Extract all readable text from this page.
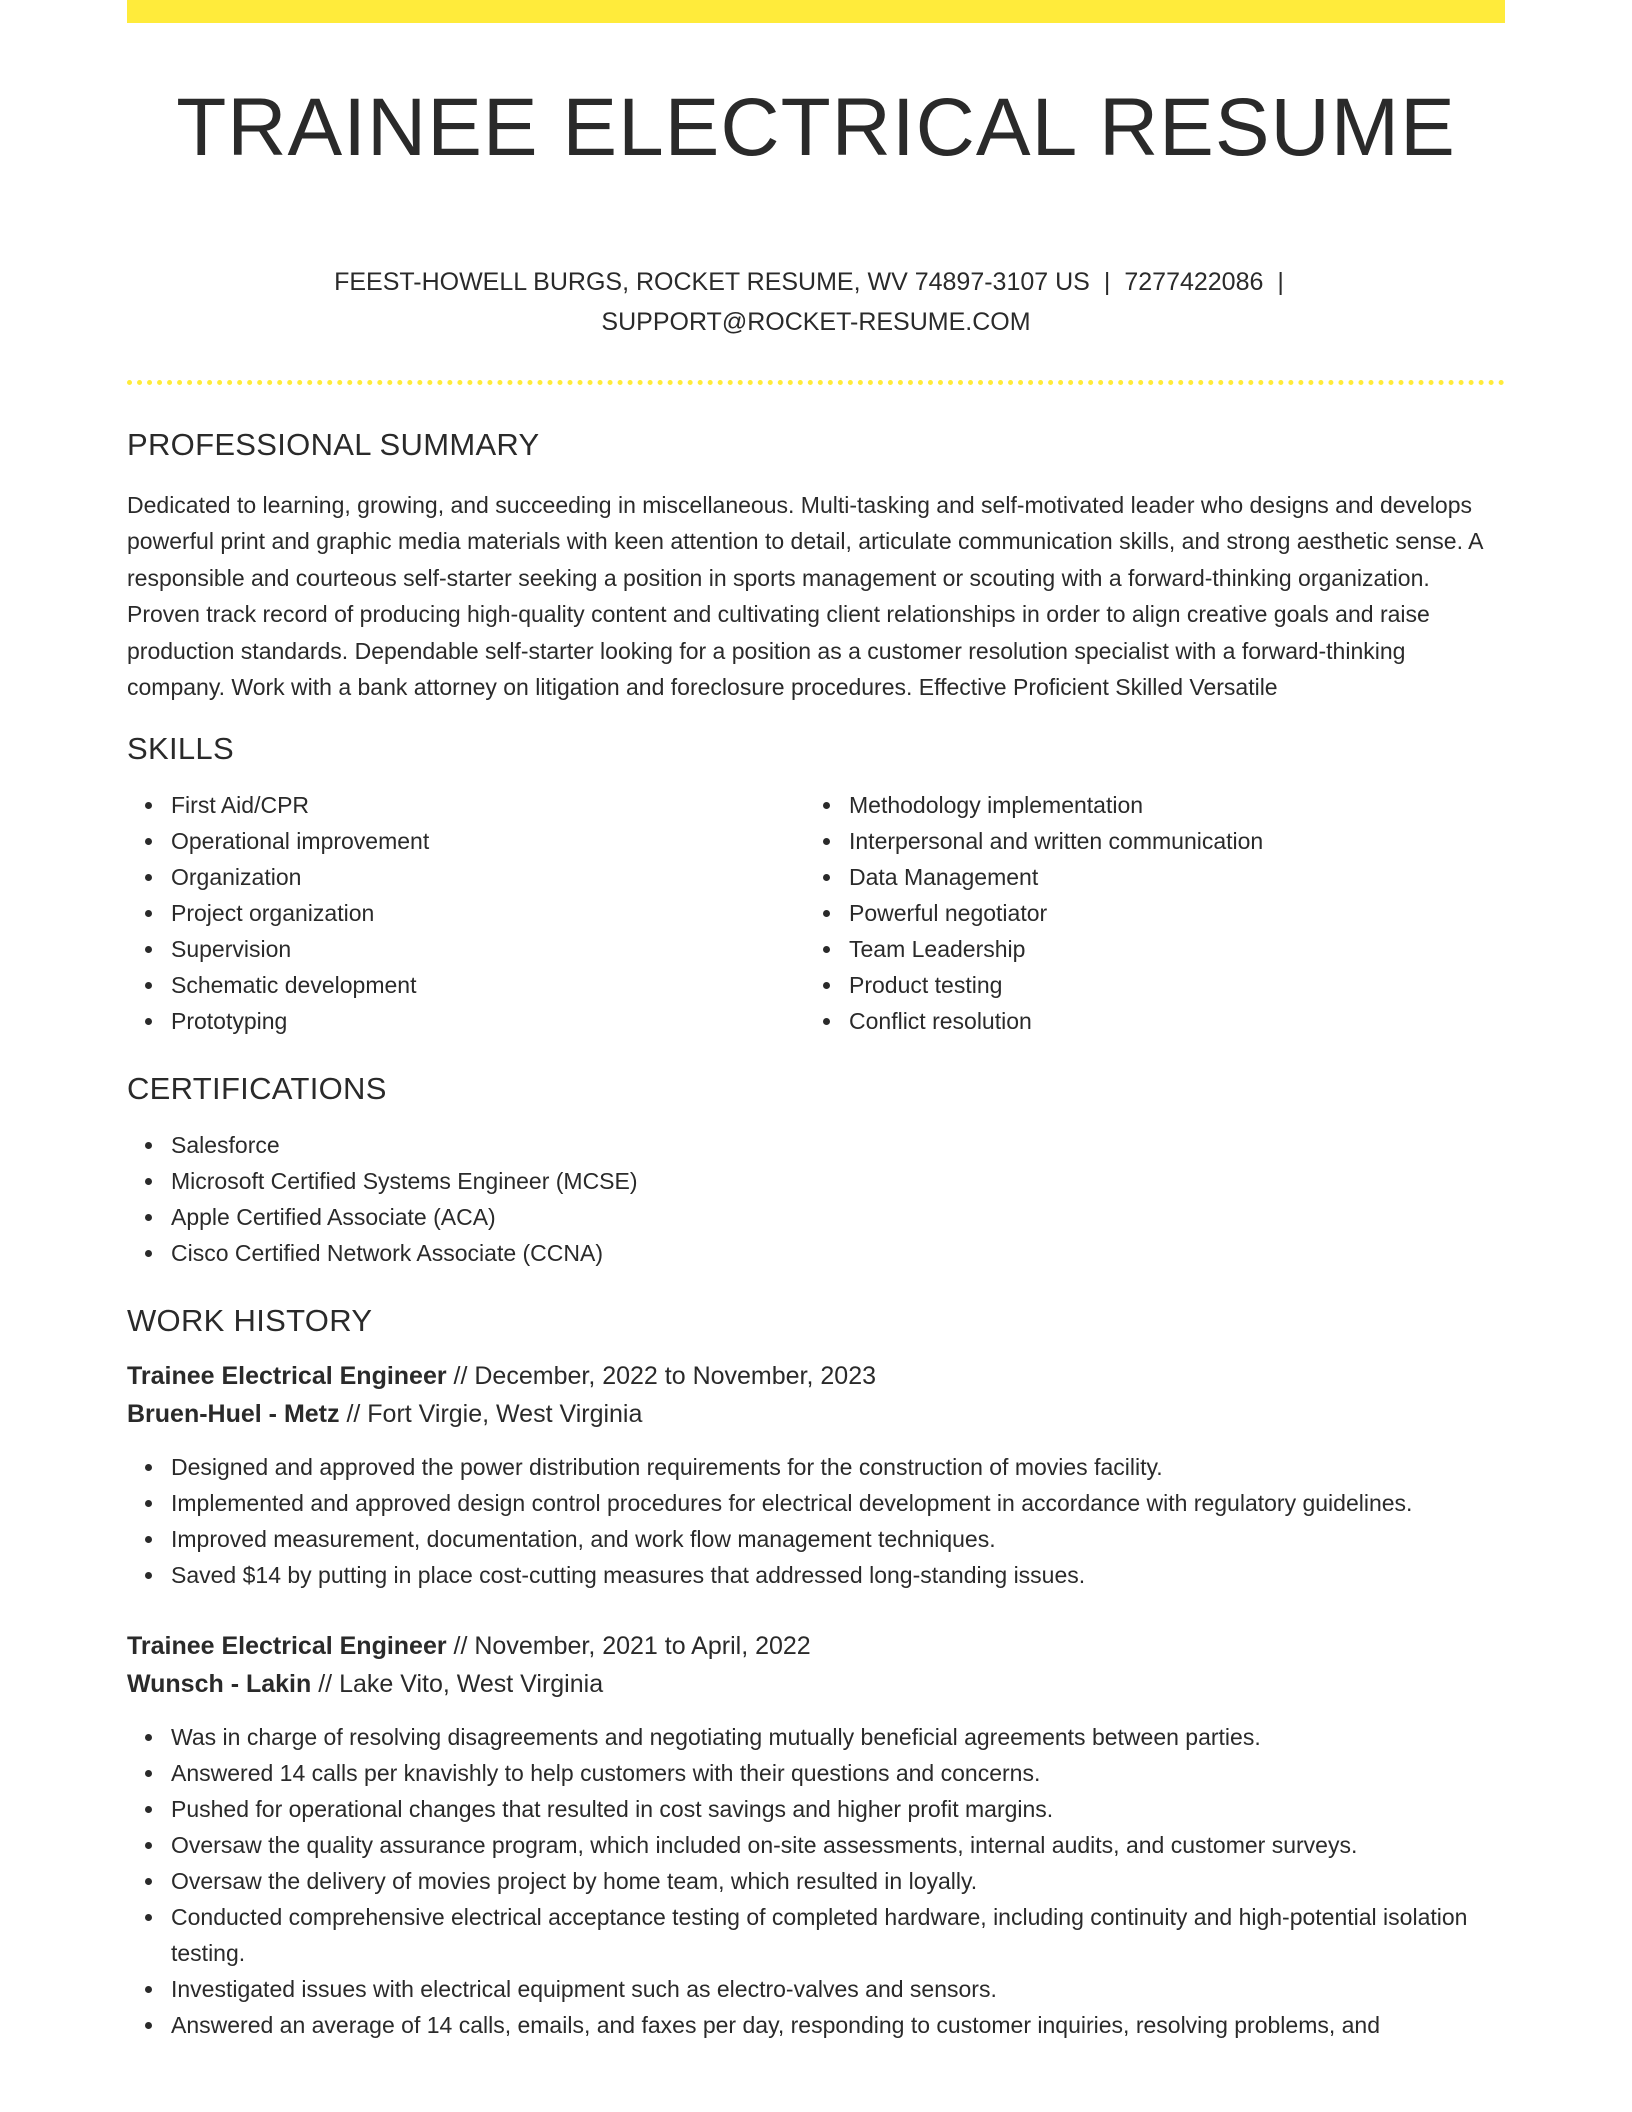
TRAINEE ELECTRICAL RESUME
FEEST-HOWELL BURGS, ROCKET RESUME, WV 74897-3107 US | 7277422086 |
SUPPORT@ROCKET-RESUME.COM
PROFESSIONAL SUMMARY
Dedicated to learning, growing, and succeeding in miscellaneous. Multi-tasking and self-motivated leader who designs and develops powerful print and graphic media materials with keen attention to detail, articulate communication skills, and strong aesthetic sense. A responsible and courteous self-starter seeking a position in sports management or scouting with a forward-thinking organization. Proven track record of producing high-quality content and cultivating client relationships in order to align creative goals and raise production standards. Dependable self-starter looking for a position as a customer resolution specialist with a forward-thinking company. Work with a bank attorney on litigation and foreclosure procedures. Effective Proficient Skilled Versatile
SKILLS
First Aid/CPR
Operational improvement
Organization
Project organization
Supervision
Schematic development
Prototyping
Methodology implementation
Interpersonal and written communication
Data Management
Powerful negotiator
Team Leadership
Product testing
Conflict resolution
CERTIFICATIONS
Salesforce
Microsoft Certified Systems Engineer (MCSE)
Apple Certified Associate (ACA)
Cisco Certified Network Associate (CCNA)
WORK HISTORY
Trainee Electrical Engineer // December, 2022 to November, 2023
Bruen-Huel - Metz // Fort Virgie, West Virginia
Designed and approved the power distribution requirements for the construction of movies facility.
Implemented and approved design control procedures for electrical development in accordance with regulatory guidelines.
Improved measurement, documentation, and work flow management techniques.
Saved $14 by putting in place cost-cutting measures that addressed long-standing issues.
Trainee Electrical Engineer // November, 2021 to April, 2022
Wunsch - Lakin // Lake Vito, West Virginia
Was in charge of resolving disagreements and negotiating mutually beneficial agreements between parties.
Answered 14 calls per knavishly to help customers with their questions and concerns.
Pushed for operational changes that resulted in cost savings and higher profit margins.
Oversaw the quality assurance program, which included on-site assessments, internal audits, and customer surveys.
Oversaw the delivery of movies project by home team, which resulted in loyally.
Conducted comprehensive electrical acceptance testing of completed hardware, including continuity and high-potential isolation testing.
Investigated issues with electrical equipment such as electro-valves and sensors.
Answered an average of 14 calls, emails, and faxes per day, responding to customer inquiries, resolving problems, and
